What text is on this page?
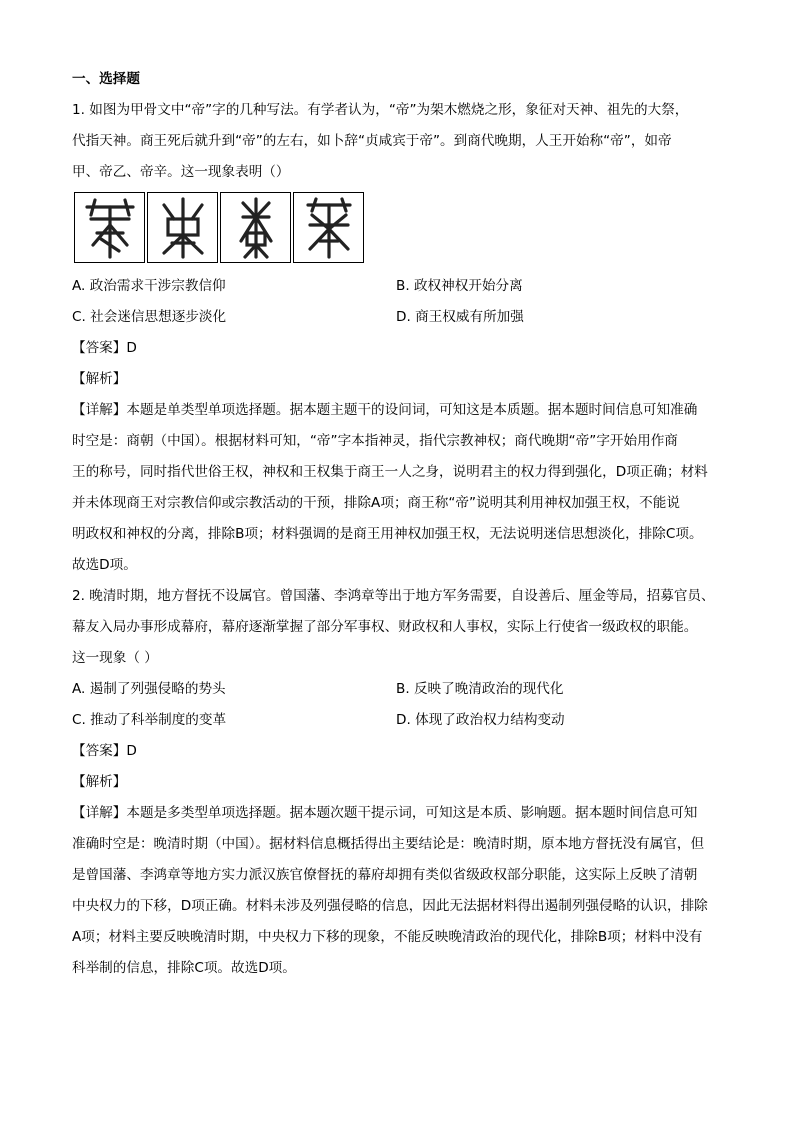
一、选择题
1. 如图为甲骨文中“帝”字的几种写法。有学者认为，“帝”为架木燃烧之形，象征对天神、祖先的大祭，
代指天神。商王死后就升到“帝”的左右，如卜辞“贞咸宾于帝”。到商代晚期，人王开始称“帝”，如帝
甲、帝乙、帝辛。这一现象表明（）
A. 政治需求干涉宗教信仰	B. 政权神权开始分离
C. 社会迷信思想逐步淡化	D. 商王权威有所加强
【答案】D
【解析】
【详解】本题是单类型单项选择题。据本题主题干的设问词，可知这是本质题。据本题时间信息可知准确
时空是：商朝（中国）。根据材料可知，“帝”字本指神灵，指代宗教神权；商代晚期“帝”字开始用作商
王的称号，同时指代世俗王权，神权和王权集于商王一人之身，说明君主的权力得到强化，D项正确；材料
并未体现商王对宗教信仰或宗教活动的干预，排除A项；商王称“帝”说明其利用神权加强王权，不能说
明政权和神权的分离，排除B项；材料强调的是商王用神权加强王权，无法说明迷信思想淡化，排除C项。
故选D项。
2. 晚清时期，地方督抚不设属官。曾国藩、李鸿章等出于地方军务需要，自设善后、厘金等局，招募官员、
幕友入局办事形成幕府，幕府逐渐掌握了部分军事权、财政权和人事权，实际上行使省一级政权的职能。
这一现象（ ）
A. 遏制了列强侵略的势头	B. 反映了晚清政治的现代化
C. 推动了科举制度的变革	D. 体现了政治权力结构变动
【答案】D
【解析】
【详解】本题是多类型单项选择题。据本题次题干提示词，可知这是本质、影响题。据本题时间信息可知
准确时空是：晚清时期（中国）。据材料信息概括得出主要结论是：晚清时期，原本地方督抚没有属官，但
是曾国藩、李鸿章等地方实力派汉族官僚督抚的幕府却拥有类似省级政权部分职能，这实际上反映了清朝
中央权力的下移，D项正确。材料未涉及列强侵略的信息，因此无法据材料得出遏制列强侵略的认识，排除
A项；材料主要反映晚清时期，中央权力下移的现象，不能反映晚清政治的现代化，排除B项；材料中没有
科举制的信息，排除C项。故选D项。
